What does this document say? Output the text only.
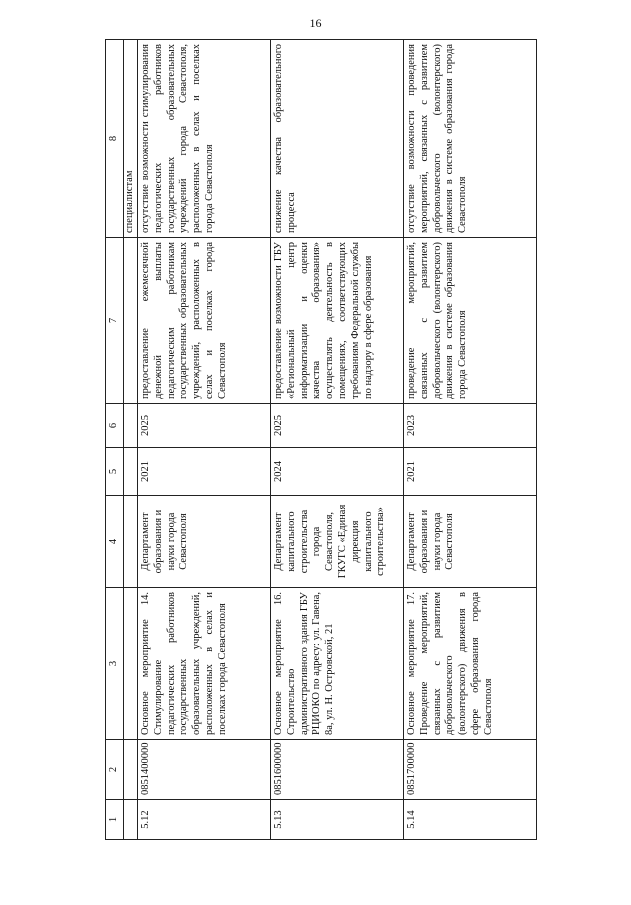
16
1	2	3	4	5	6	7	8
							специалистам
5.12	0851400000	Основное мероприятие 14. Стимулирование педагогических работников государственных образовательных учреждений, расположенных в селах и поселках города Севастополя	Департамент образования и науки города Севастополя	2021	2025	предоставление ежемесячной денежной выплаты педагогическим работникам государственных образовательных учреждений, расположенных в селах и поселках города Севастополя	отсутствие возможности стимулирования педагогических работников государственных образовательных учреждений города Севастополя, расположенных в селах и поселках города Севастополя
5.13	0851600000	Основное мероприятие 16. Строительство административного здания ГБУ РЦИОКО по адресу: ул. Гавена, 8а, ул. Н. Островской, 21	Департамент капитального строительства города Севастополя, ГКУГС «Единая дирекция капитального строительства»	2024	2025	предоставление возможности ГБУ «Региональный центр информатизации и оценки качества образования» осуществлять деятельность в помещениях, соответствующих требованиям Федеральной службы по надзору в сфере образования	снижение качества образовательного процесса
5.14	0851700000	Основное мероприятие 17. Проведение мероприятий, связанных с развитием добровольческого (волонтерского) движения в сфере образования города Севастополя	Департамент образования и науки города Севастополя	2021	2023	проведение мероприятий, связанных с развитием добровольческого (волонтерского) движения в системе образования города Севастополя	отсутствие возможности проведения мероприятий, связанных с развитием добровольческого (волонтерского) движения в системе образования города Севастополя
